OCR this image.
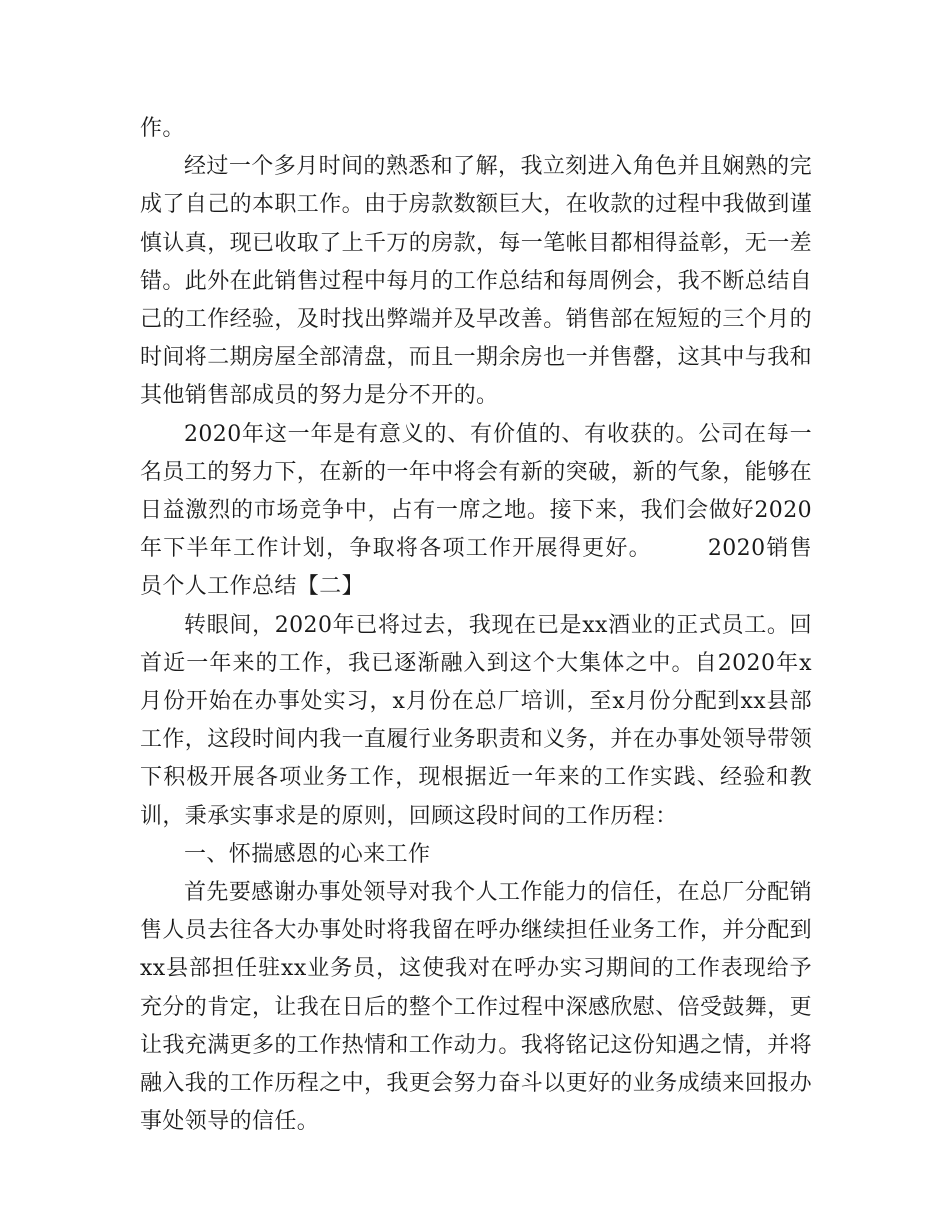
作。

经过一个多月时间的熟悉和了解，我立刻进入角色并且娴熟的完成了自己的本职工作。由于房款数额巨大，在收款的过程中我做到谨慎认真，现已收取了上千万的房款，每一笔帐目都相得益彰，无一差错。此外在此销售过程中每月的工作总结和每周例会，我不断总结自己的工作经验，及时找出弊端并及早改善。销售部在短短的三个月的时间将二期房屋全部清盘，而且一期余房也一并售罄，这其中与我和其他销售部成员的努力是分不开的。

2020年这一年是有意义的、有价值的、有收获的。公司在每一名员工的努力下，在新的一年中将会有新的突破，新的气象，能够在日益激烈的市场竞争中，占有一席之地。接下来，我们会做好2020年下半年工作计划，争取将各项工作开展得更好。	2020销售员个人工作总结【二】

转眼间，2020年已将过去，我现在已是xx酒业的正式员工。回首近一年来的工作，我已逐渐融入到这个大集体之中。自2020年x月份开始在办事处实习，x月份在总厂培训，至x月份分配到xx县部工作，这段时间内我一直履行业务职责和义务，并在办事处领导带领下积极开展各项业务工作，现根据近一年来的工作实践、经验和教训，秉承实事求是的原则，回顾这段时间的工作历程：

一、怀揣感恩的心来工作

首先要感谢办事处领导对我个人工作能力的信任，在总厂分配销售人员去往各大办事处时将我留在呼办继续担任业务工作，并分配到xx县部担任驻xx业务员，这使我对在呼办实习期间的工作表现给予充分的肯定，让我在日后的整个工作过程中深感欣慰、倍受鼓舞，更让我充满更多的工作热情和工作动力。我将铭记这份知遇之情，并将融入我的工作历程之中，我更会努力奋斗以更好的业务成绩来回报办事处领导的信任。
